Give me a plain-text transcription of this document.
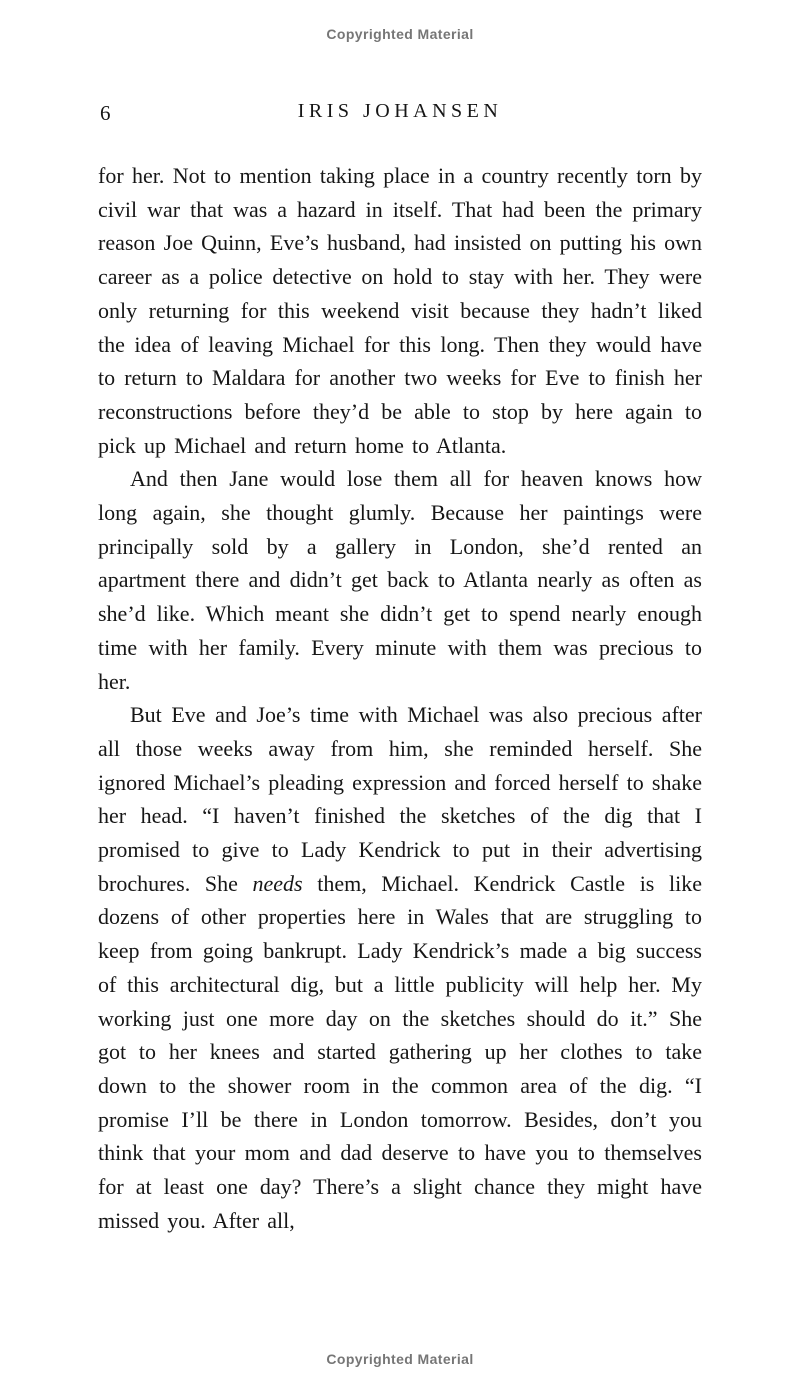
Copyrighted Material
6	IRIS JOHANSEN

for her. Not to mention taking place in a country recently torn by civil war that was a hazard in itself. That had been the primary reason Joe Quinn, Eve’s husband, had insisted on putting his own career as a police detective on hold to stay with her. They were only returning for this weekend visit because they hadn’t liked the idea of leaving Michael for this long. Then they would have to return to Maldara for another two weeks for Eve to finish her reconstructions before they’d be able to stop by here again to pick up Michael and return home to Atlanta.

And then Jane would lose them all for heaven knows how long again, she thought glumly. Because her paintings were principally sold by a gallery in London, she’d rented an apartment there and didn’t get back to Atlanta nearly as often as she’d like. Which meant she didn’t get to spend nearly enough time with her family. Every minute with them was precious to her.

But Eve and Joe’s time with Michael was also precious after all those weeks away from him, she reminded herself. She ignored Michael’s pleading expression and forced herself to shake her head. “I haven’t finished the sketches of the dig that I promised to give to Lady Kendrick to put in their advertising brochures. She needs them, Michael. Kendrick Castle is like dozens of other properties here in Wales that are struggling to keep from going bankrupt. Lady Kendrick’s made a big success of this architectural dig, but a little publicity will help her. My working just one more day on the sketches should do it.” She got to her knees and started gathering up her clothes to take down to the shower room in the common area of the dig. “I promise I’ll be there in London tomorrow. Besides, don’t you think that your mom and dad deserve to have you to themselves for at least one day? There’s a slight chance they might have missed you. After all,

Copyrighted Material
